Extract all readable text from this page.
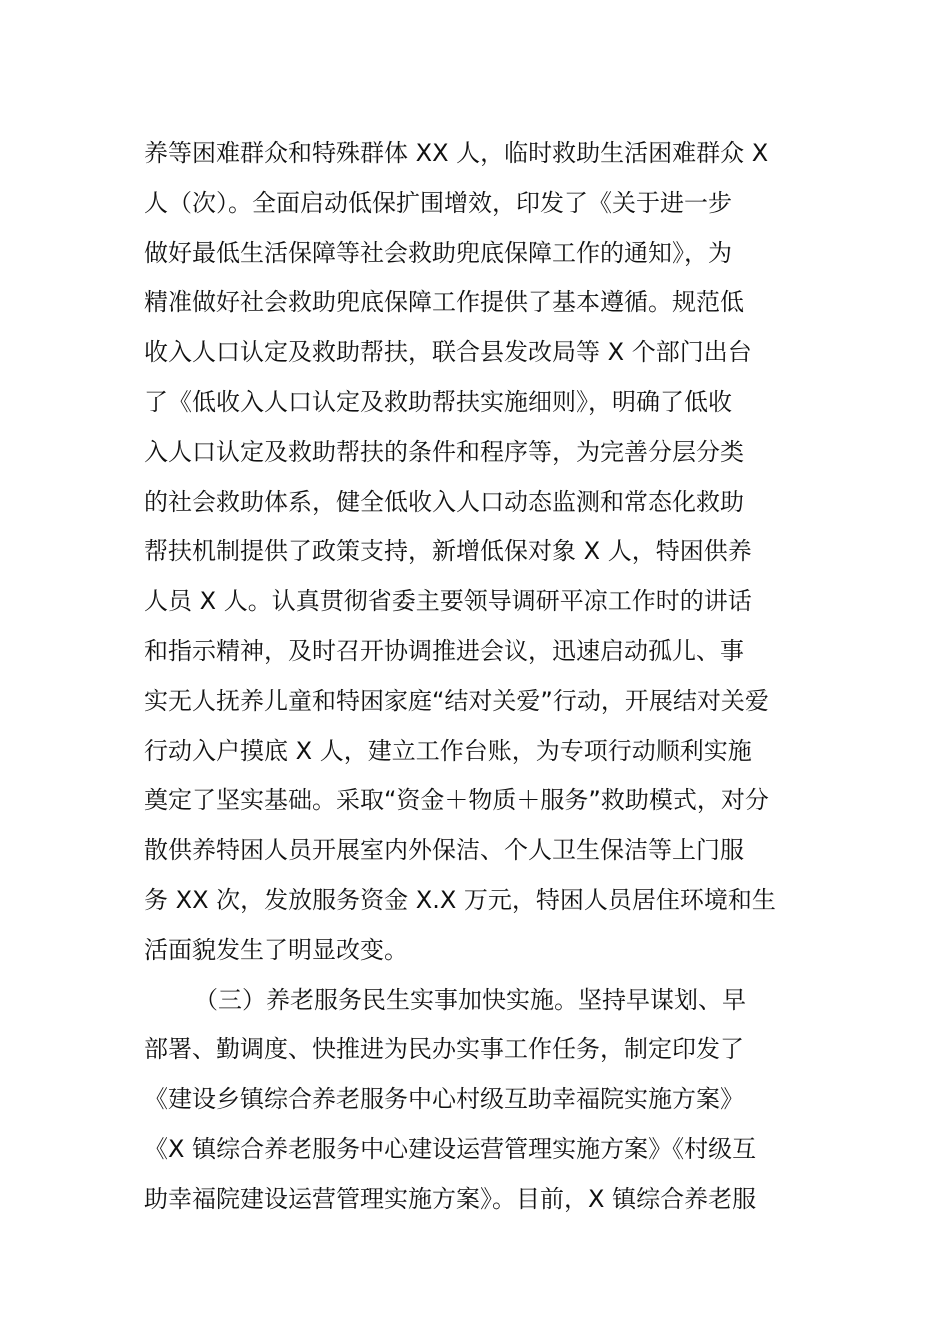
养等困难群众和特殊群体 XX 人，临时救助生活困难群众 X
人（次）。全面启动低保扩围增效，印发了《关于进一步
做好最低生活保障等社会救助兜底保障工作的通知》，为
精准做好社会救助兜底保障工作提供了基本遵循。规范低
收入人口认定及救助帮扶，联合县发改局等 X 个部门出台
了《低收入人口认定及救助帮扶实施细则》，明确了低收
入人口认定及救助帮扶的条件和程序等，为完善分层分类
的社会救助体系，健全低收入人口动态监测和常态化救助
帮扶机制提供了政策支持，新增低保对象 X 人，特困供养
人员 X 人。认真贯彻省委主要领导调研平凉工作时的讲话
和指示精神，及时召开协调推进会议，迅速启动孤儿、事
实无人抚养儿童和特困家庭“结对关爱”行动，开展结对关爱
行动入户摸底 X 人，建立工作台账，为专项行动顺利实施
奠定了坚实基础。采取“资金＋物质＋服务”救助模式，对分
散供养特困人员开展室内外保洁、个人卫生保洁等上门服
务 XX 次，发放服务资金 X.X 万元，特困人员居住环境和生
活面貌发生了明显改变。
（三）养老服务民生实事加快实施。坚持早谋划、早
部署、勤调度、快推进为民办实事工作任务，制定印发了
《建设乡镇综合养老服务中心村级互助幸福院实施方案》
《X 镇综合养老服务中心建设运营管理实施方案》《村级互
助幸福院建设运营管理实施方案》。目前，X 镇综合养老服
